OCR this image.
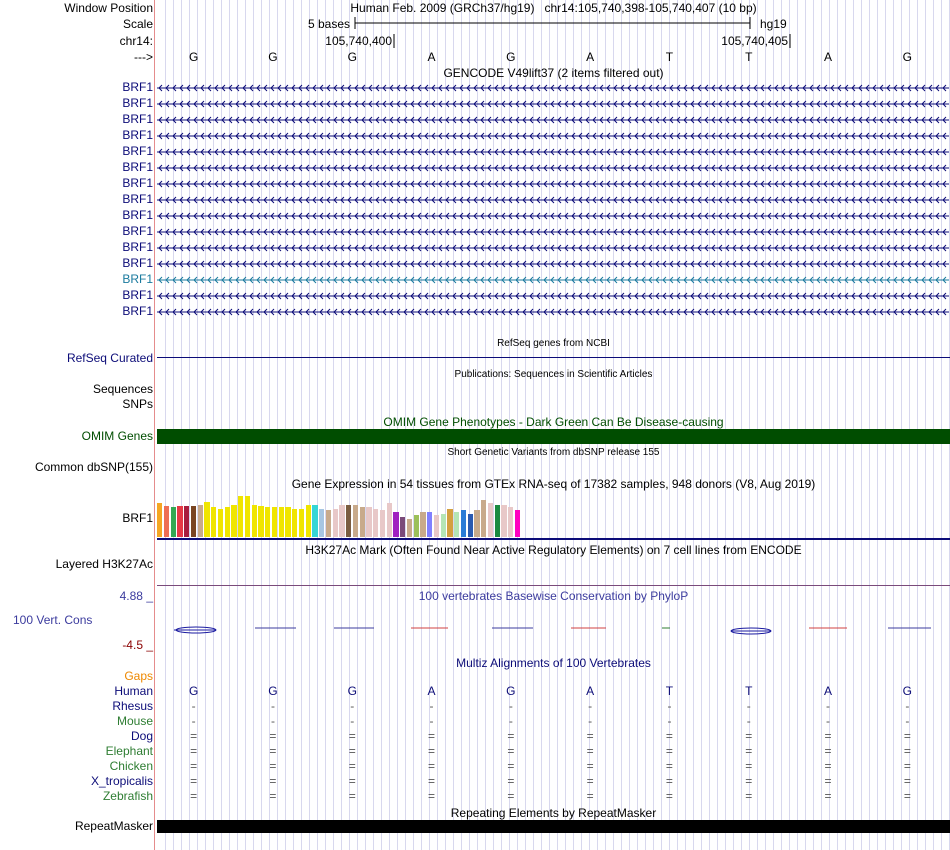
Window Position	Human Feb. 2009 (GRCh37/hg19)   chr14:105,740,398-105,740,407 (10 bp)
Scale	5 bases	hg19
chr14:	105,740,400	105,740,405
--->	G	G	G	A	G	A	T	T	A	G
GENCODE V49lift37 (2 items filtered out)
BRF1
BRF1
BRF1
BRF1
BRF1
BRF1
BRF1
BRF1
BRF1
BRF1
BRF1
BRF1
BRF1
BRF1
BRF1
RefSeq genes from NCBI
RefSeq Curated
Publications: Sequences in Scientific Articles
Sequences
SNPs
OMIM Gene Phenotypes - Dark Green Can Be Disease-causing
OMIM Genes
Short Genetic Variants from dbSNP release 155
Common dbSNP(155)
Gene Expression in 54 tissues from GTEx RNA-seq of 17382 samples, 948 donors (V8, Aug 2019)
BRF1
H3K27Ac Mark (Often Found Near Active Regulatory Elements) on 7 cell lines from ENCODE
Layered H3K27Ac
100 vertebrates Basewise Conservation by PhyloP
4.88 _
100 Vert. Cons
-4.5 _
Multiz Alignments of 100 Vertebrates
Gaps
Human	G	G	G	A	G	A	T	T	A	G
Rhesus	-	-	-	-	-	-	-	-	-	-
Mouse	-	-	-	-	-	-	-	-	-	-
Dog	=	=	=	=	=	=	=	=	=	=
Elephant	=	=	=	=	=	=	=	=	=	=
Chicken	=	=	=	=	=	=	=	=	=	=
X_tropicalis	=	=	=	=	=	=	=	=	=	=
Zebrafish	=	=	=	=	=	=	=	=	=	=
Repeating Elements by RepeatMasker
RepeatMasker
